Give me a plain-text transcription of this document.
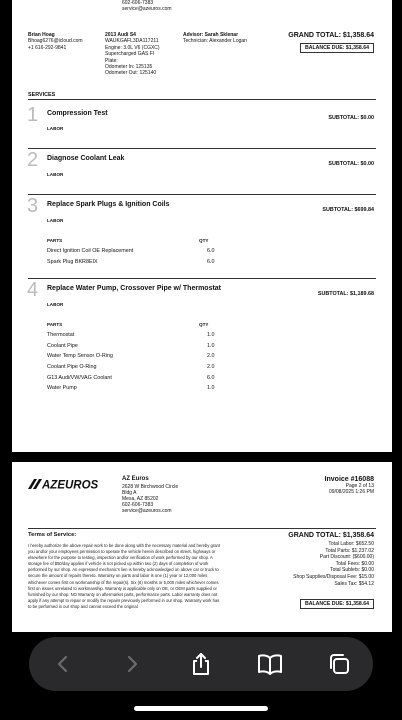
602-606-7383
service@azeuros.com
Brian Hoag
Bhoag6276@icloud.com
+1 616-292-9841
2013 Audi S4
WAUKGAFL3DA117211
Engine: 3.0L V6 (CGXC)
Supercharged GAS FI
Plate:
Odometer In: 125135
Odometer Out: 125140
Advisor: Sarah Sklenar
Technician: Alexander Logan
GRAND TOTAL: $1,358.64
BALANCE DUE: $1,358.64
SERVICES
1 Compression Test
SUBTOTAL: $0.00
LABOR
2 Diagnose Coolant Leak
SUBTOTAL: $0.00
LABOR
3 Replace Spark Plugs & Ignition Coils
SUBTOTAL: $699.84
LABOR
PARTS	QTY
Direct Ignition Coil OE Replacement	6.0
Spark Plug BKR8EIX	6.0
4 Replace Water Pump, Crossover Pipe w/ Thermostat
SUBTOTAL: $1,189.68
LABOR
PARTS	QTY
Thermostat	1.0
Coolant Pipe	1.0
Water Temp Sensor O-Ring	2.0
Coolant Pipe O-Ring	2.0
G13 Audi/VW/VAG Coolant	6.0
Water Pump	1.0
AZEUROS
AZ Euros
2628 W Birchwood Circle
Bldg A
Mesa, AZ 85202
602-606-7383
service@azeuros.com
Invoice #16088
Page 2 of 13
09/08/2025 1:26 PM
Terms of Service:
I hereby authorize the above repair work to be done along with the necessary material and hereby grant you and/or your employees permission to operate the vehicle herein described on street, highways or elsewhere for the purpose to testing, inspection and/or verification of work performed by our shop. A storage fee of $50/day applies if vehicle is not picked up within two (2) days of completion of work performed by our shop. An expressed mechanic's lien is hereby acknowledged on above car or truck to secure the amount of repairs thereto. Warranty on parts and labor is one (1) year or 12,000 miles whichever comes first on workmanship of the repair(s). Six (6) months or 5,000 miles whichever comes first on issues unrelated to workmanship. Warranty is applicable only on OE, or OEM parts supplied or furnished by our shop. NO Warranty on aftermarket parts, performance parts. Labor warranty does not apply if any attempt to repair or modify the repairs previously performed in our shop. Warranty work has to be performed in our shop and cannot exceed the original
GRAND TOTAL: $1,358.64
Total Labor: $652.50
Total Parts: $1,237.02
Part Discount: ($600.00)
Total Fees: $0.00
Total Sublets: $0.00
Shop Supplies/Disposal Fee: $15.00
Sales Tax: $54.12
BALANCE DUE: $1,358.64
